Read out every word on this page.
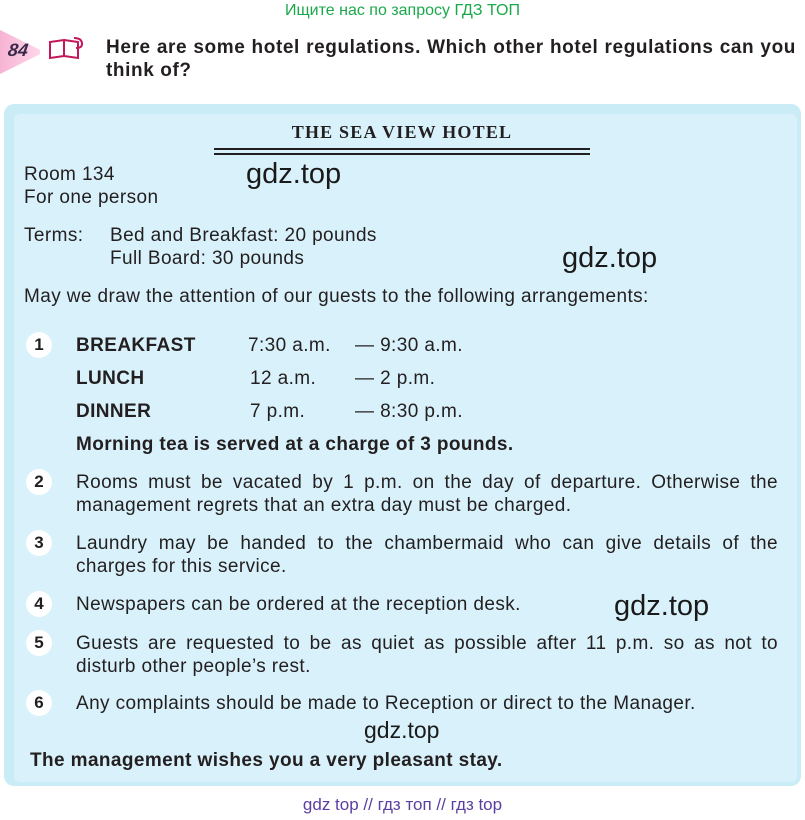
Ищите нас по запросу ГДЗ ТОП
84	Here are some hotel regulations. Which other hotel regulations can you think of?
THE SEA VIEW HOTEL
Room 134
For one person
Terms: Bed and Breakfast: 20 pounds
Full Board: 30 pounds
May we draw the attention of our guests to the following arrangements:
1	BREAKFAST	7:30 a.m. — 9:30 a.m.
LUNCH	12 a.m. — 2 p.m.
DINNER	7 p.m.	— 8:30 p.m.
Morning tea is served at a charge of 3 pounds.
2	Rooms must be vacated by 1 p.m. on the day of departure. Otherwise the management regrets that an extra day must be charged.
3	Laundry may be handed to the chambermaid who can give details of the charges for this service.
4	Newspapers can be ordered at the reception desk.
5	Guests are requested to be as quiet as possible after 11 p.m. so as not to disturb other people’s rest.
6	Any complaints should be made to Reception or direct to the Manager.
The management wishes you a very pleasant stay.
gdz.top
gdz.top
gdz.top
gdz.top
gdz top // гдз топ // гдз top
